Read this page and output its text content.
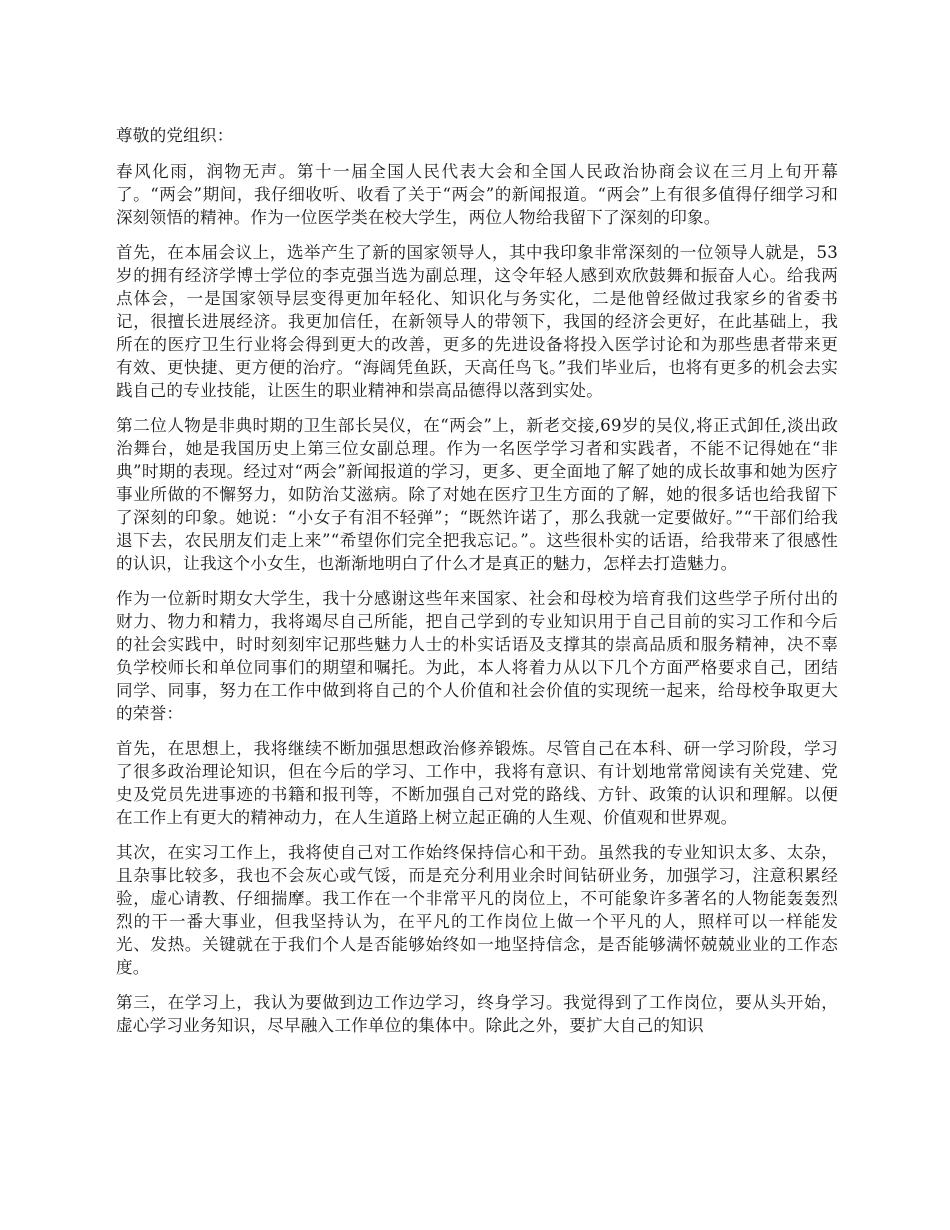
尊敬的党组织：

春风化雨，润物无声。第十一届全国人民代表大会和全国人民政治协商会议在三月上旬开幕了。“两会”期间，我仔细收听、收看了关于“两会”的新闻报道。“两会”上有很多值得仔细学习和深刻领悟的精神。作为一位医学类在校大学生，两位人物给我留下了深刻的印象。

首先，在本届会议上，选举产生了新的国家领导人，其中我印象非常深刻的一位领导人就是，53岁的拥有经济学博士学位的李克强当选为副总理，这令年轻人感到欢欣鼓舞和振奋人心。给我两点体会，一是国家领导层变得更加年轻化、知识化与务实化，二是他曾经做过我家乡的省委书记，很擅长进展经济。我更加信任，在新领导人的带领下，我国的经济会更好，在此基础上，我所在的医疗卫生行业将会得到更大的改善，更多的先进设备将投入医学讨论和为那些患者带来更有效、更快捷、更方便的治疗。“海阔凭鱼跃，天高任鸟飞。”我们毕业后，也将有更多的机会去实践自己的专业技能，让医生的职业精神和崇高品德得以落到实处。

第二位人物是非典时期的卫生部长吴仪，在“两会”上，新老交接,69岁的吴仪,将正式卸任,淡出政治舞台，她是我国历史上第三位女副总理。作为一名医学学习者和实践者，不能不记得她在“非典”时期的表现。经过对“两会”新闻报道的学习，更多、更全面地了解了她的成长故事和她为医疗事业所做的不懈努力，如防治艾滋病。除了对她在医疗卫生方面的了解，她的很多话也给我留下了深刻的印象。她说：“小女子有泪不轻弹”；“既然许诺了，那么我就一定要做好。”“干部们给我退下去，农民朋友们走上来”“希望你们完全把我忘记。”。这些很朴实的话语，给我带来了很感性的认识，让我这个小女生，也渐渐地明白了什么才是真正的魅力，怎样去打造魅力。

作为一位新时期女大学生，我十分感谢这些年来国家、社会和母校为培育我们这些学子所付出的财力、物力和精力，我将竭尽自己所能，把自己学到的专业知识用于自己目前的实习工作和今后的社会实践中，时时刻刻牢记那些魅力人士的朴实话语及支撑其的崇高品质和服务精神，决不辜负学校师长和单位同事们的期望和嘱托。为此，本人将着力从以下几个方面严格要求自己，团结同学、同事，努力在工作中做到将自己的个人价值和社会价值的实现统一起来，给母校争取更大的荣誉：

首先，在思想上，我将继续不断加强思想政治修养锻炼。尽管自己在本科、研一学习阶段，学习了很多政治理论知识，但在今后的学习、工作中，我将有意识、有计划地常常阅读有关党建、党史及党员先进事迹的书籍和报刊等，不断加强自己对党的路线、方针、政策的认识和理解。以便在工作上有更大的精神动力，在人生道路上树立起正确的人生观、价值观和世界观。

其次，在实习工作上，我将使自己对工作始终保持信心和干劲。虽然我的专业知识太多、太杂，且杂事比较多，我也不会灰心或气馁，而是充分利用业余时间钻研业务，加强学习，注意积累经验，虚心请教、仔细揣摩。我工作在一个非常平凡的岗位上，不可能象许多著名的人物能轰轰烈烈的干一番大事业，但我坚持认为，在平凡的工作岗位上做一个平凡的人，照样可以一样能发光、发热。关键就在于我们个人是否能够始终如一地坚持信念，是否能够满怀兢兢业业的工作态度。

第三，在学习上，我认为要做到边工作边学习，终身学习。我觉得到了工作岗位，要从头开始，虚心学习业务知识，尽早融入工作单位的集体中。除此之外，要扩大自己的知识
